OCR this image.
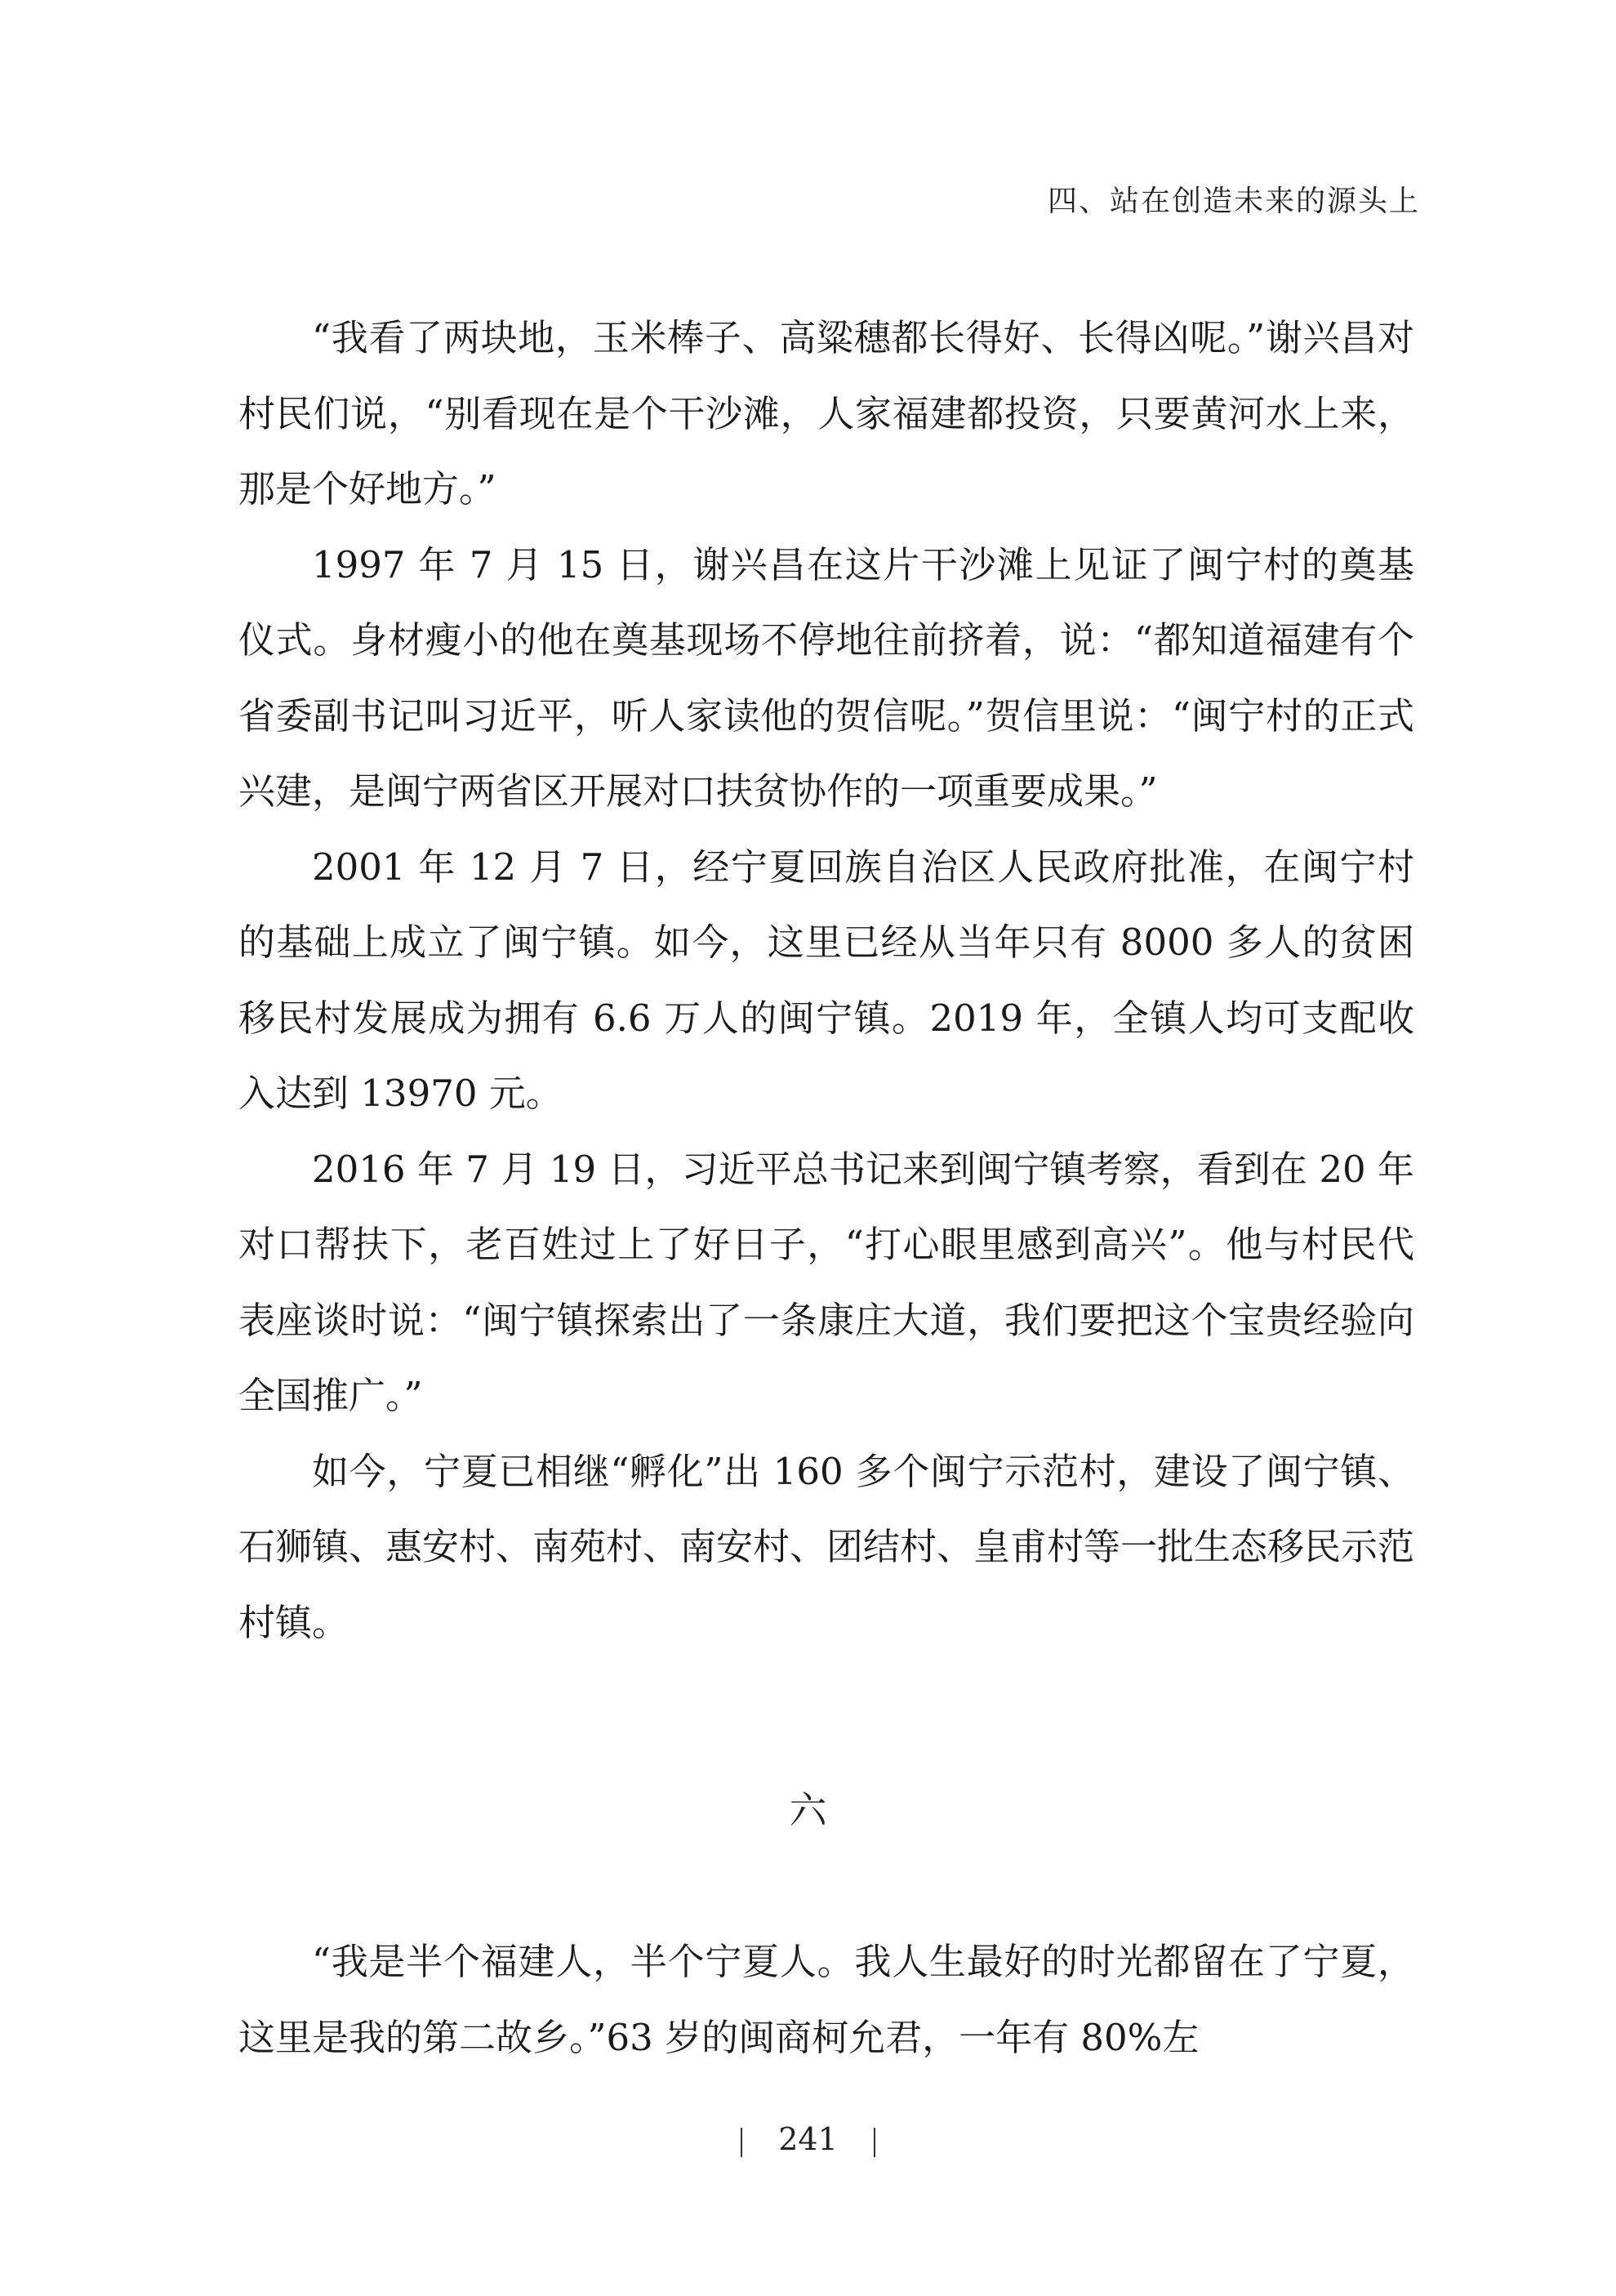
四、站在创造未来的源头上

“我看了两块地，玉米棒子、高粱穗都长得好、长得凶呢。”谢兴昌对村民们说，“别看现在是个干沙滩，人家福建都投资，只要黄河水上来，那是个好地方。”

1997 年 7 月 15 日，谢兴昌在这片干沙滩上见证了闽宁村的奠基仪式。身材瘦小的他在奠基现场不停地往前挤着，说：“都知道福建有个省委副书记叫习近平，听人家读他的贺信呢。”贺信里说：“闽宁村的正式兴建，是闽宁两省区开展对口扶贫协作的一项重要成果。”

2001 年 12 月 7 日，经宁夏回族自治区人民政府批准，在闽宁村的基础上成立了闽宁镇。如今，这里已经从当年只有 8000 多人的贫困移民村发展成为拥有 6.6 万人的闽宁镇。2019 年，全镇人均可支配收入达到 13970 元。

2016 年 7 月 19 日，习近平总书记来到闽宁镇考察，看到在 20 年对口帮扶下，老百姓过上了好日子，“打心眼里感到高兴”。他与村民代表座谈时说：“闽宁镇探索出了一条康庄大道，我们要把这个宝贵经验向全国推广。”

如今，宁夏已相继“孵化”出 160 多个闽宁示范村，建设了闽宁镇、石狮镇、惠安村、南苑村、南安村、团结村、皇甫村等一批生态移民示范村镇。

六

“我是半个福建人，半个宁夏人。我人生最好的时光都留在了宁夏，这里是我的第二故乡。”63 岁的闽商柯允君，一年有 80%左

241
